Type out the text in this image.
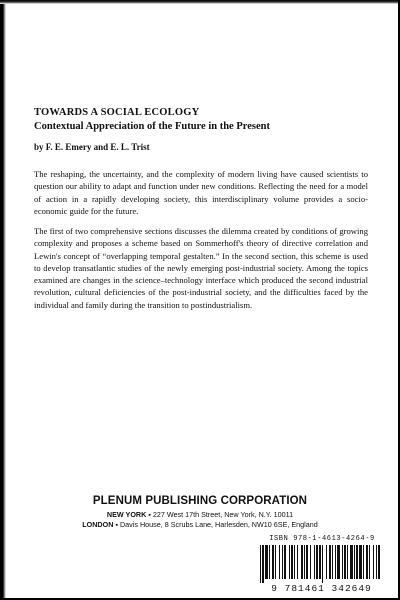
TOWARDS A SOCIAL ECOLOGY
Contextual Appreciation of the Future in the Present
by F. E. Emery and E. L. Trist

The reshaping, the uncertainty, and the complexity of modern living have caused scientists to question our ability to adapt and function under new conditions. Reflecting the need for a model of action in a rapidly developing society, this interdisciplinary volume provides a socio-economic guide for the future.

The first of two comprehensive sections discusses the dilemma created by conditions of growing complexity and proposes a scheme based on Sommerhoff's theory of directive correlation and Lewin's concept of “overlapping temporal gestalten.” In the second section, this scheme is used to develop transatlantic studies of the newly emerging post-industrial society. Among the topics examined are changes in the science–technology interface which produced the second industrial revolution, cultural deficiencies of the post-industrial society, and the difficulties faced by the individual and family during the transition to postindustrialism.

PLENUM PUBLISHING CORPORATION
NEW YORK ▪ 227 West 17th Street, New York, N.Y. 10011
LONDON ▪ Davis House, 8 Scrubs Lane, Harlesden, NW10 6SE, England
ISBN 978-1-4613-4264-9
9 781461 342649
